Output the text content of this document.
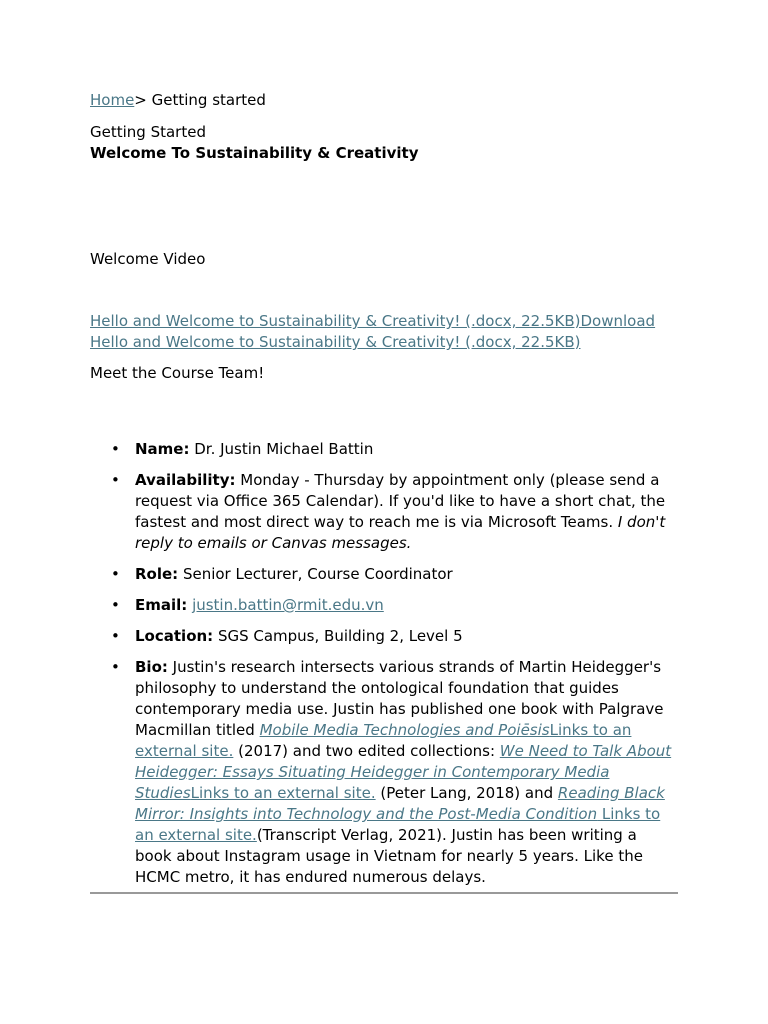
Home> Getting started

Getting Started

Welcome To Sustainability & Creativity

Welcome Video

Hello and Welcome to Sustainability & Creativity! (.docx, 22.5KB)Download Hello and Welcome to Sustainability & Creativity! (.docx, 22.5KB)

Meet the Course Team!

• Name: Dr. Justin Michael Battin
• Availability: Monday - Thursday by appointment only (please send a request via Office 365 Calendar). If you'd like to have a short chat, the fastest and most direct way to reach me is via Microsoft Teams. I don't reply to emails or Canvas messages.
• Role: Senior Lecturer, Course Coordinator
• Email: justin.battin@rmit.edu.vn
• Location: SGS Campus, Building 2, Level 5
• Bio: Justin's research intersects various strands of Martin Heidegger's philosophy to understand the ontological foundation that guides contemporary media use. Justin has published one book with Palgrave Macmillan titled Mobile Media Technologies and PoiēsisLinks to an external site. (2017) and two edited collections: We Need to Talk About Heidegger: Essays Situating Heidegger in Contemporary Media StudiesLinks to an external site. (Peter Lang, 2018) and Reading Black Mirror: Insights into Technology and the Post-Media Condition Links to an external site.(Transcript Verlag, 2021). Justin has been writing a book about Instagram usage in Vietnam for nearly 5 years. Like the HCMC metro, it has endured numerous delays.
